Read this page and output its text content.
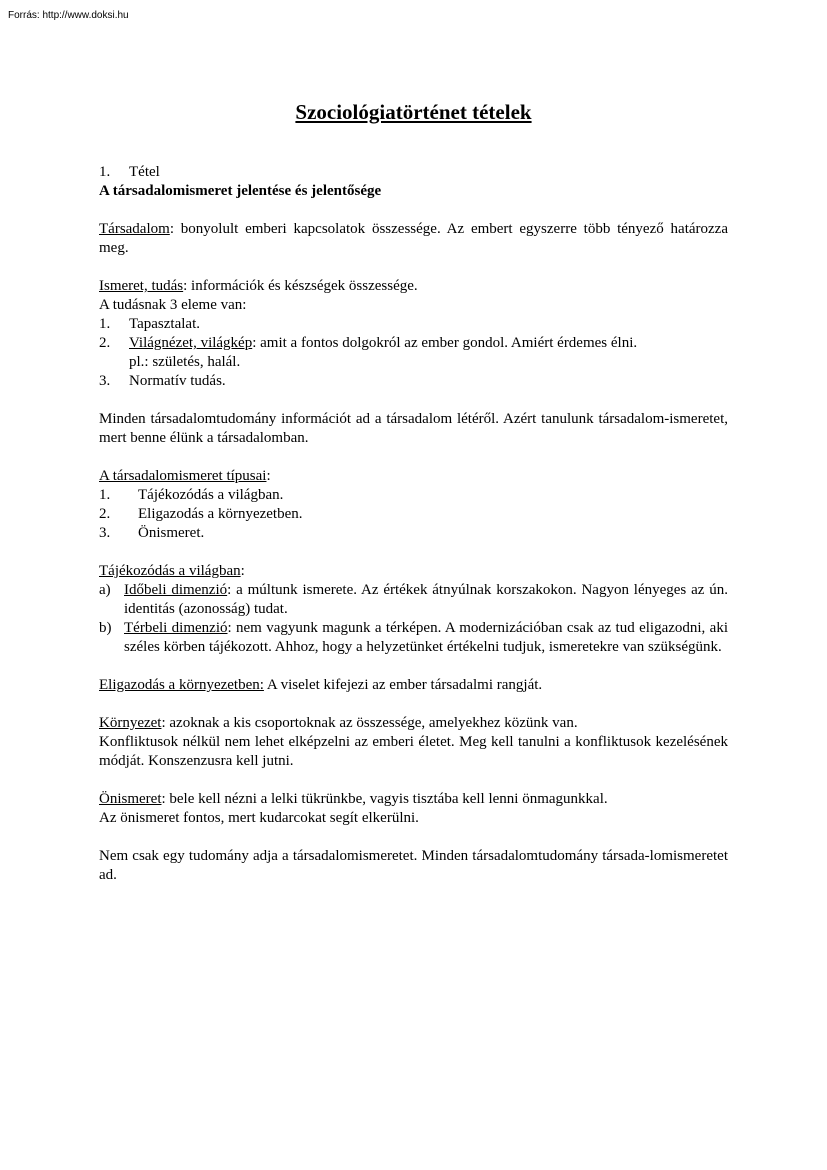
Forrás: http://www.doksi.hu
Szociológiatörténet tételek
1.	Tétel
A társadalomismeret jelentése és jelentősége
Társadalom: bonyolult emberi kapcsolatok összessége. Az embert egyszerre több tényező határozza meg.
Ismeret, tudás: információk és készségek összessége.
A tudásnak 3 eleme van:
1.	Tapasztalat.
2.	Világnézet, világkép: amit a fontos dolgokról az ember gondol. Amiért érdemes élni.
pl.: születés, halál.
3.	Normatív tudás.
Minden társadalomtudomány információt ad a társadalom létéről. Azért tanulunk társadalom-ismeretet, mert benne élünk a társadalomban.
A társadalomismeret típusai:
1.	Tájékozódás a világban.
2.	Eligazodás a környezetben.
3.	Önismeret.
Tájékozódás a világban:
a) Időbeli dimenzió: a múltunk ismerete. Az értékek átnyúlnak korszakokon. Nagyon lényeges az ún. identitás (azonosság) tudat.
b) Térbeli dimenzió: nem vagyunk magunk a térképen. A modernizációban csak az tud eligazodni, aki széles körben tájékozott. Ahhoz, hogy a helyzetünket értékelni tudjuk, ismeretekre van szükségünk.
Eligazodás a környezetben: A viselet kifejezi az ember társadalmi rangját.
Környezet: azoknak a kis csoportoknak az összessége, amelyekhez közünk van.
Konfliktusok nélkül nem lehet elképzelni az emberi életet. Meg kell tanulni a konfliktusok kezelésének módját. Konszenzusra kell jutni.
Önismeret: bele kell nézni a lelki tükrünkbe, vagyis tisztába kell lenni önmagunkkal.
Az önismeret fontos, mert kudarcokat segít elkerülni.
Nem csak egy tudomány adja a társadalomismeretet. Minden társadalomtudomány társada-lomismeretet ad.
